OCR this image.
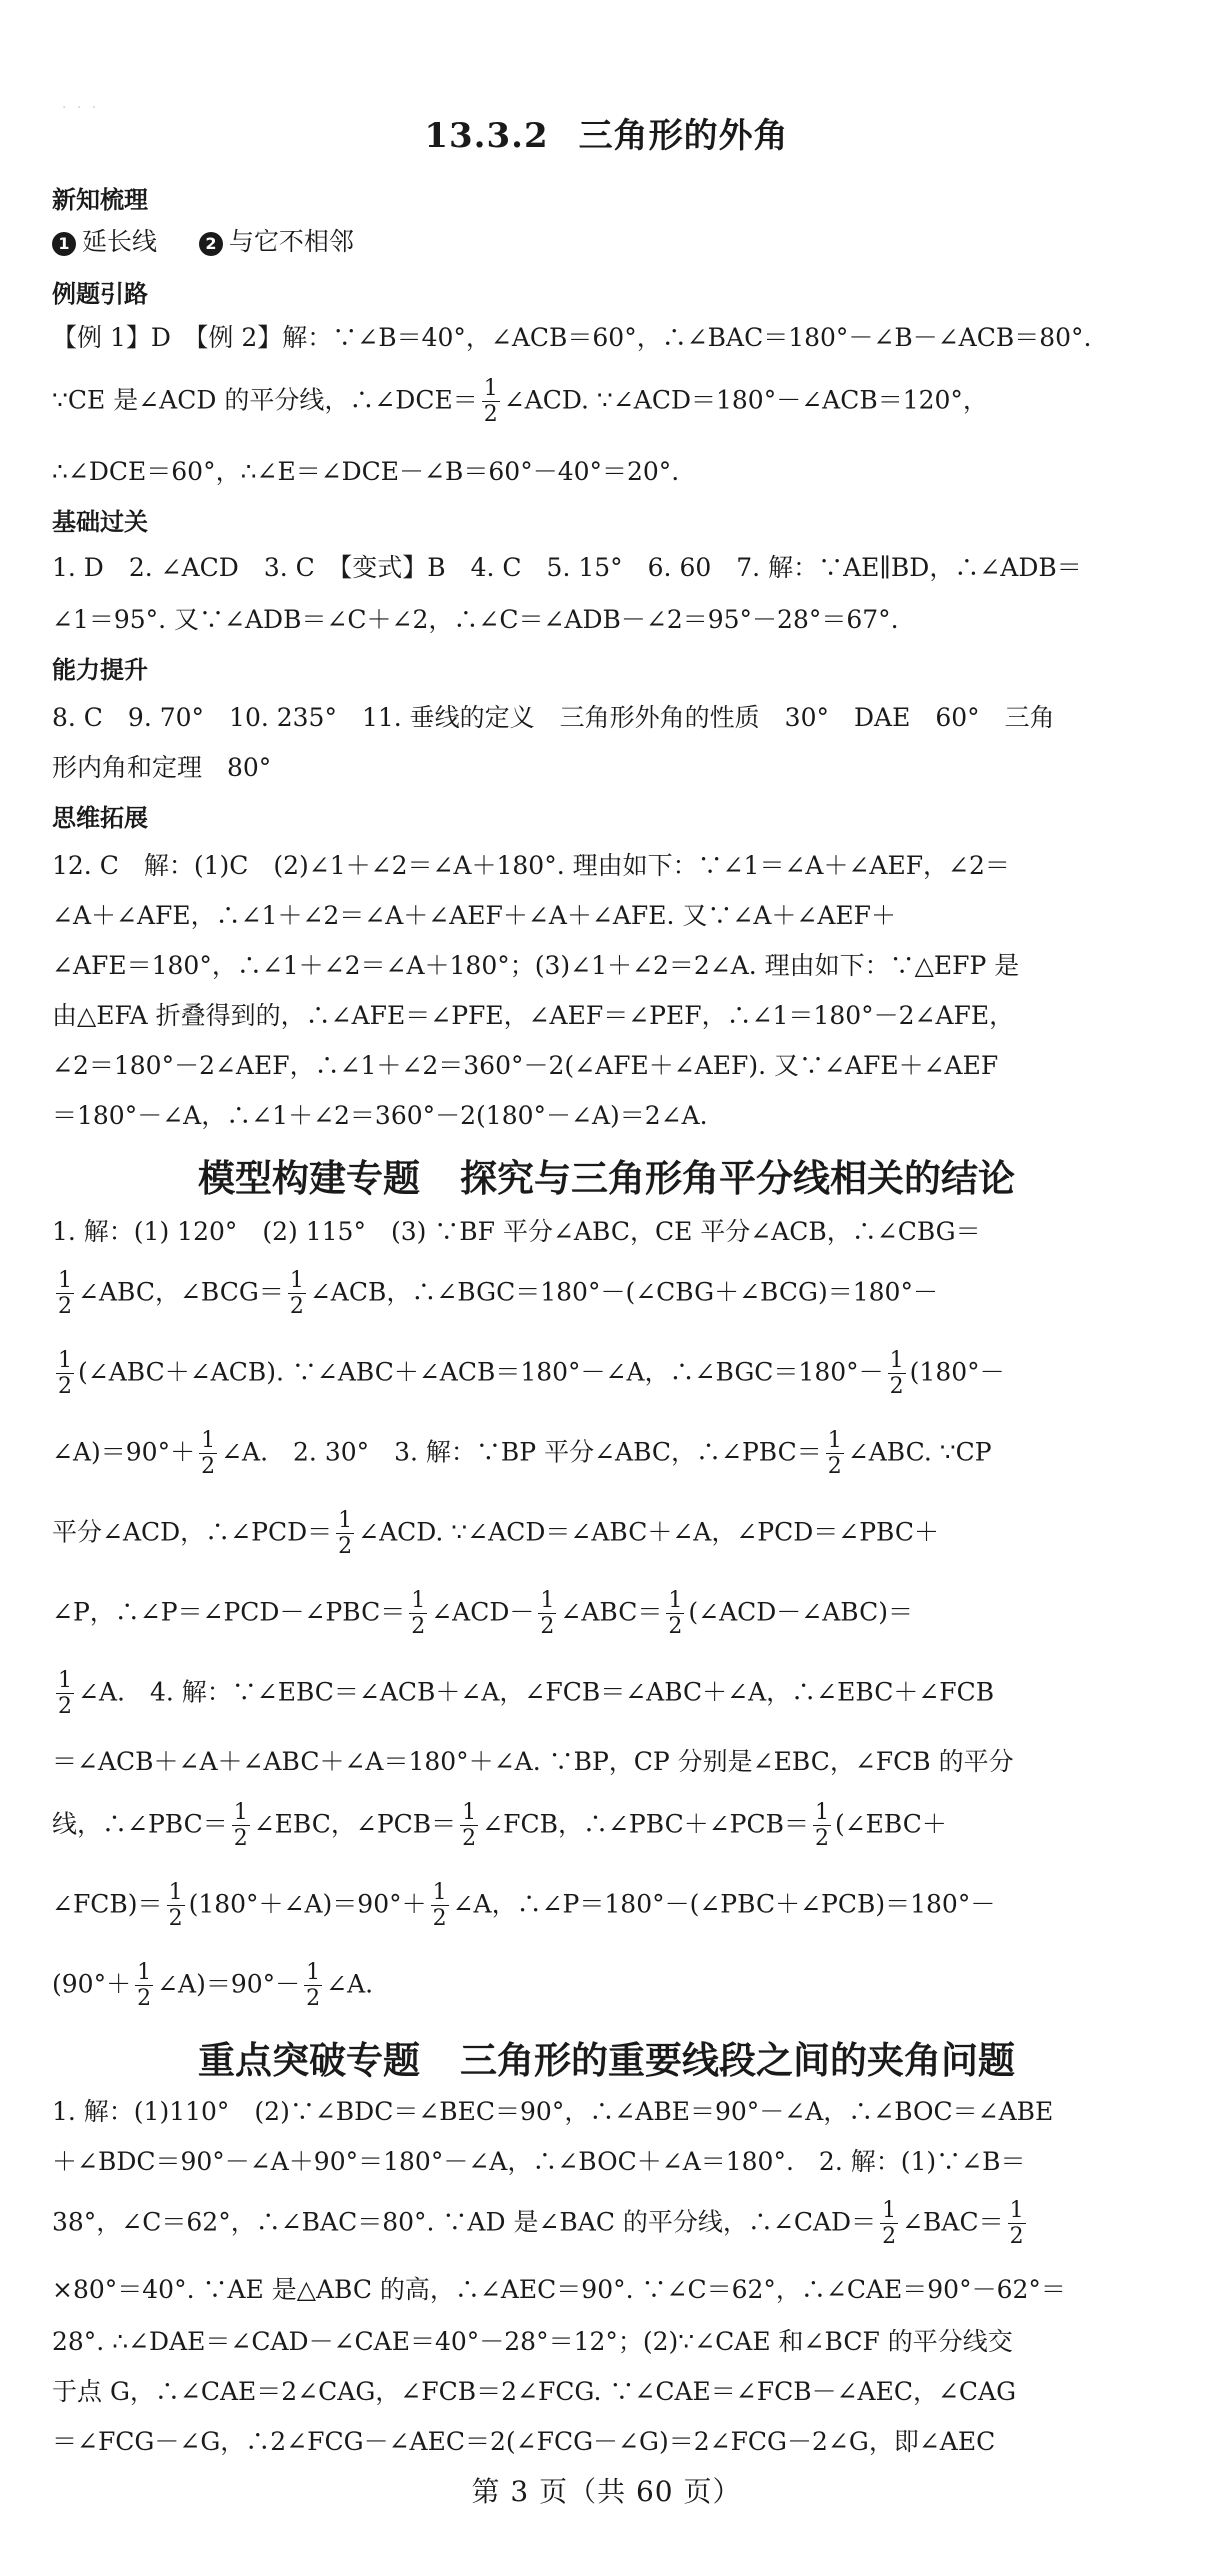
· · ·
13.3.2 三角形的外角
新知梳理
1 延长线	2 与它不相邻
例题引路
【例 1】D　【例 2】解：∵∠B＝40°，∠ACB＝60°，∴∠BAC＝180°－∠B－∠ACB＝80°.
∵CE 是∠ACD 的平分线，∴∠DCE＝ $\frac{1}{2}$ ∠ACD. ∵∠ACD＝180°－∠ACB＝120°，
∴∠DCE＝60°，∴∠E＝∠DCE－∠B＝60°－40°＝20°.
基础过关
1. D　2. ∠ACD　3. C　【变式】B　4. C　5. 15°　6. 60　7. 解：∵AE∥BD，∴∠ADB＝
∠1＝95°. 又∵∠ADB＝∠C＋∠2，∴∠C＝∠ADB－∠2＝95°－28°＝67°.
能力提升
8. C　9. 70°　10. 235°　11. 垂线的定义　三角形外角的性质　30°　DAE　60°　三角
形内角和定理　80°
思维拓展
12. C　解：(1)C　(2)∠1＋∠2＝∠A＋180°. 理由如下：∵∠1＝∠A＋∠AEF，∠2＝
∠A＋∠AFE，∴∠1＋∠2＝∠A＋∠AEF＋∠A＋∠AFE. 又∵∠A＋∠AEF＋
∠AFE＝180°，∴∠1＋∠2＝∠A＋180°；(3)∠1＋∠2＝2∠A. 理由如下：∵△EFP 是
由△EFA 折叠得到的，∴∠AFE＝∠PFE，∠AEF＝∠PEF，∴∠1＝180°－2∠AFE，
∠2＝180°－2∠AEF，∴∠1＋∠2＝360°－2(∠AFE＋∠AEF). 又∵∠AFE＋∠AEF
＝180°－∠A，∴∠1＋∠2＝360°－2(180°－∠A)＝2∠A.
模型构建专题 探究与三角形角平分线相关的结论
1. 解：(1) 120°　(2) 115°　(3) ∵BF 平分∠ABC，CE 平分∠ACB，∴∠CBG＝
$\frac{1}{2}$ ∠ABC，∠BCG＝ $\frac{1}{2}$ ∠ACB，∴∠BGC＝180°－(∠CBG＋∠BCG)＝180°－
$\frac{1}{2}$ (∠ABC＋∠ACB). ∵∠ABC＋∠ACB＝180°－∠A，∴∠BGC＝180°－ $\frac{1}{2} (180^\circ-$
∠A)＝90°＋ $\frac{1}{2}$ ∠A.　2. 30°　3. 解：∵BP 平分∠ABC，∴∠PBC＝ $\frac{1}{2}$ ∠ABC. ∵CP
平分∠ACD，∴∠PCD＝ $\frac{1}{2}$ ∠ACD. ∵∠ACD＝∠ABC＋∠A，∠PCD＝∠PBC＋
∠P，∴∠P＝∠PCD－∠PBC＝ $\frac{1}{2}$ ∠ACD－ $\frac{1}{2}$ ∠ABC＝ $\frac{1}{2}$ (∠ACD－∠ABC)＝
$\frac{1}{2}$ ∠A.　4. 解：∵∠EBC＝∠ACB＋∠A，∠FCB＝∠ABC＋∠A，∴∠EBC＋∠FCB
＝∠ACB＋∠A＋∠ABC＋∠A＝180°＋∠A. ∵BP，CP 分别是∠EBC，∠FCB 的平分
线，∴∠PBC＝ $\frac{1}{2}$ ∠EBC，∠PCB＝ $\frac{1}{2}$ ∠FCB，∴∠PBC＋∠PCB＝ $\frac{1}{2}$ (∠EBC＋
∠FCB)＝ $\frac{1}{2}$ (180°＋∠A)＝90°＋ $\frac{1}{2}$ ∠A，∴∠P＝180°－(∠PBC＋∠PCB)＝180°－
($90^\circ+ \frac{1}{2}$ ∠A)＝90°－ $\frac{1}{2}$ ∠A.
重点突破专题 三角形的重要线段之间的夹角问题
1. 解：(1)110°　(2)∵∠BDC＝∠BEC＝90°，∴∠ABE＝90°－∠A，∴∠BOC＝∠ABE
＋∠BDC＝90°－∠A＋90°＝180°－∠A，∴∠BOC＋∠A＝180°.　2. 解：(1)∵∠B＝
38°，∠C＝62°，∴∠BAC＝80°. ∵AD 是∠BAC 的平分线，∴∠CAD＝ $\frac{1}{2}$ ∠BAC＝ $\frac{1}{2}$
×80°＝40°. ∵AE 是△ABC 的高，∴∠AEC＝90°. ∵∠C＝62°，∴∠CAE＝90°－62°＝
28°. ∴∠DAE＝∠CAD－∠CAE＝40°－28°＝12°；(2)∵∠CAE 和∠BCF 的平分线交
于点 G，∴∠CAE＝2∠CAG，∠FCB＝2∠FCG. ∵∠CAE＝∠FCB－∠AEC，∠CAG
＝∠FCG－∠G，∴2∠FCG－∠AEC＝2(∠FCG－∠G)＝2∠FCG－2∠G，即∠AEC
第 3 页（共 60 页）
